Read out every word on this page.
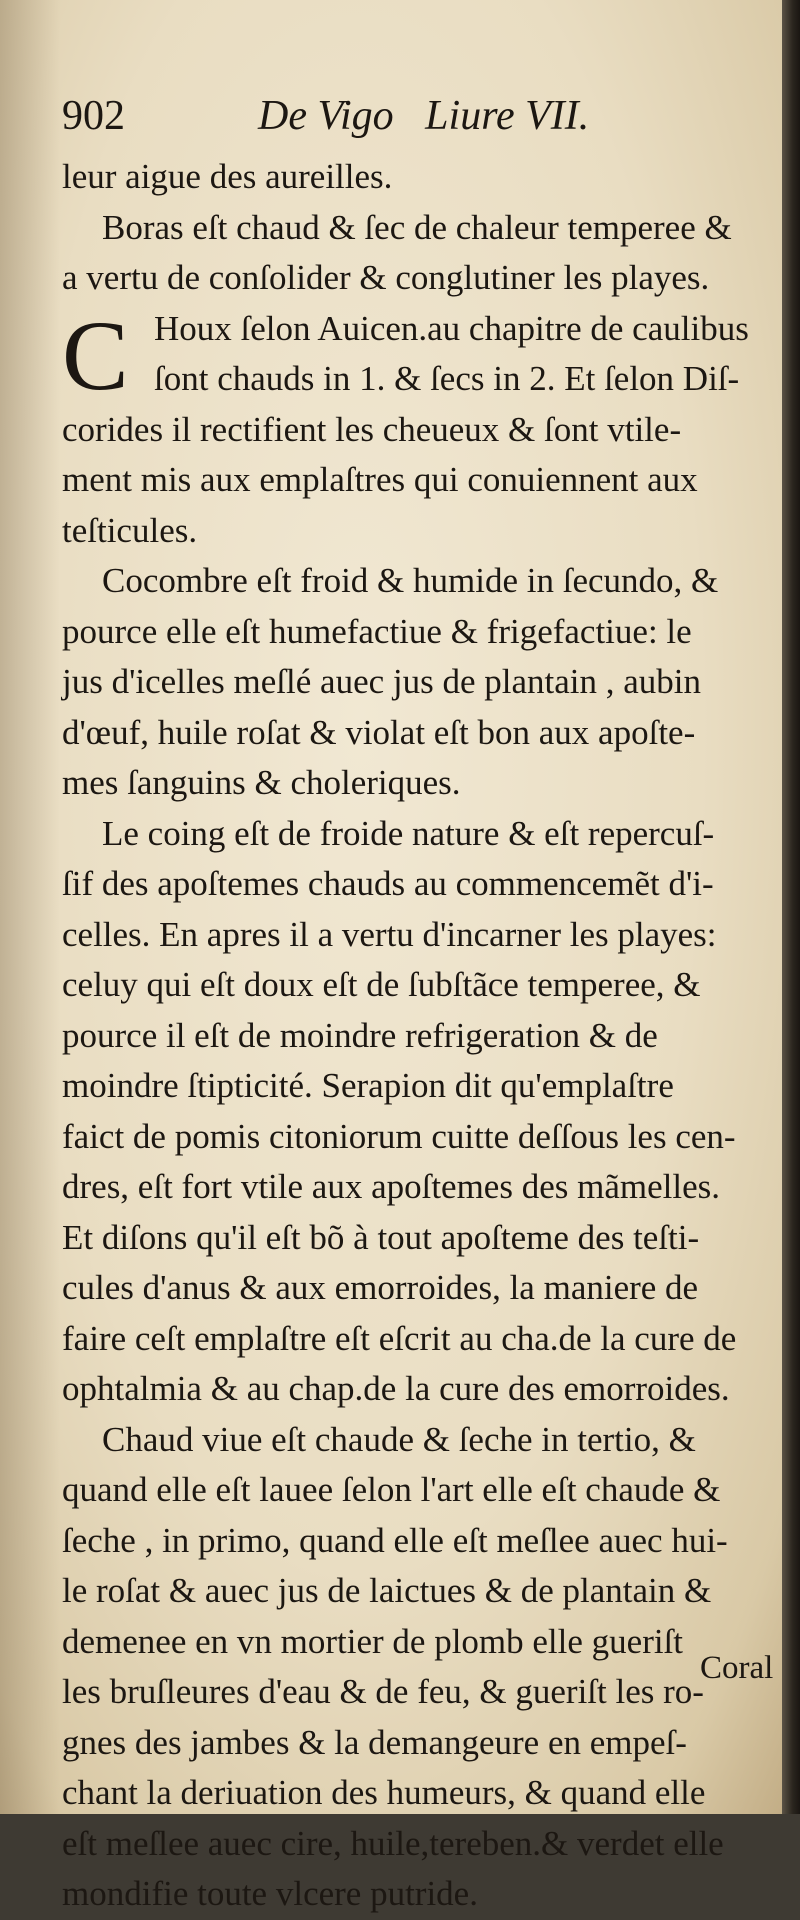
902	De Vigo   Liure VII.
leur aigue des aureilles.
Boras eſt chaud & ſec de chaleur temperee &
a vertu de conſolider & conglutiner les playes.
C Houx ſelon Auicen.au chapitre de caulibus
ſont chauds in 1. & ſecs in 2. Et ſelon Diſ-
corides il rectifient les cheueux & ſont vtile-
ment mis aux emplaſtres qui conuiennent aux
teſticules.
Cocombre eſt froid & humide in ſecundo, &
pource elle eſt humefactiue & frigefactiue: le
jus d'icelles meſlé auec jus de plantain , aubin
d'œuf, huile roſat & violat eſt bon aux apoſte-
mes ſanguins & choleriques.
Le coing eſt de froide nature & eſt repercuſ-
ſif des apoſtemes chauds au commencemẽt d'i-
celles. En apres il a vertu d'incarner les playes:
celuy qui eſt doux eſt de ſubſtãce temperee, &
pource il eſt de moindre refrigeration & de
moindre ſtipticité. Serapion dit qu'emplaſtre
faict de pomis citoniorum cuitte deſſous les cen-
dres, eſt fort vtile aux apoſtemes des mãmelles.
Et diſons qu'il eſt bõ à tout apoſteme des teſti-
cules d'anus & aux emorroides, la maniere de
faire ceſt emplaſtre eſt eſcrit au cha.de la cure de
ophtalmia & au chap.de la cure des emorroides.
Chaud viue eſt chaude & ſeche in tertio, &
quand elle eſt lauee ſelon l'art elle eſt chaude &
ſeche , in primo, quand elle eſt meſlee auec hui-
le roſat & auec jus de laictues & de plantain &
demenee en vn mortier de plomb elle gueriſt
les bruſleures d'eau & de feu, & gueriſt les ro-
gnes des jambes & la demangeure en empeſ-
chant la deriuation des humeurs, & quand elle
eſt meſlee auec cire, huile,tereben.& verdet elle
mondifie toute vlcere putride.
Coral
